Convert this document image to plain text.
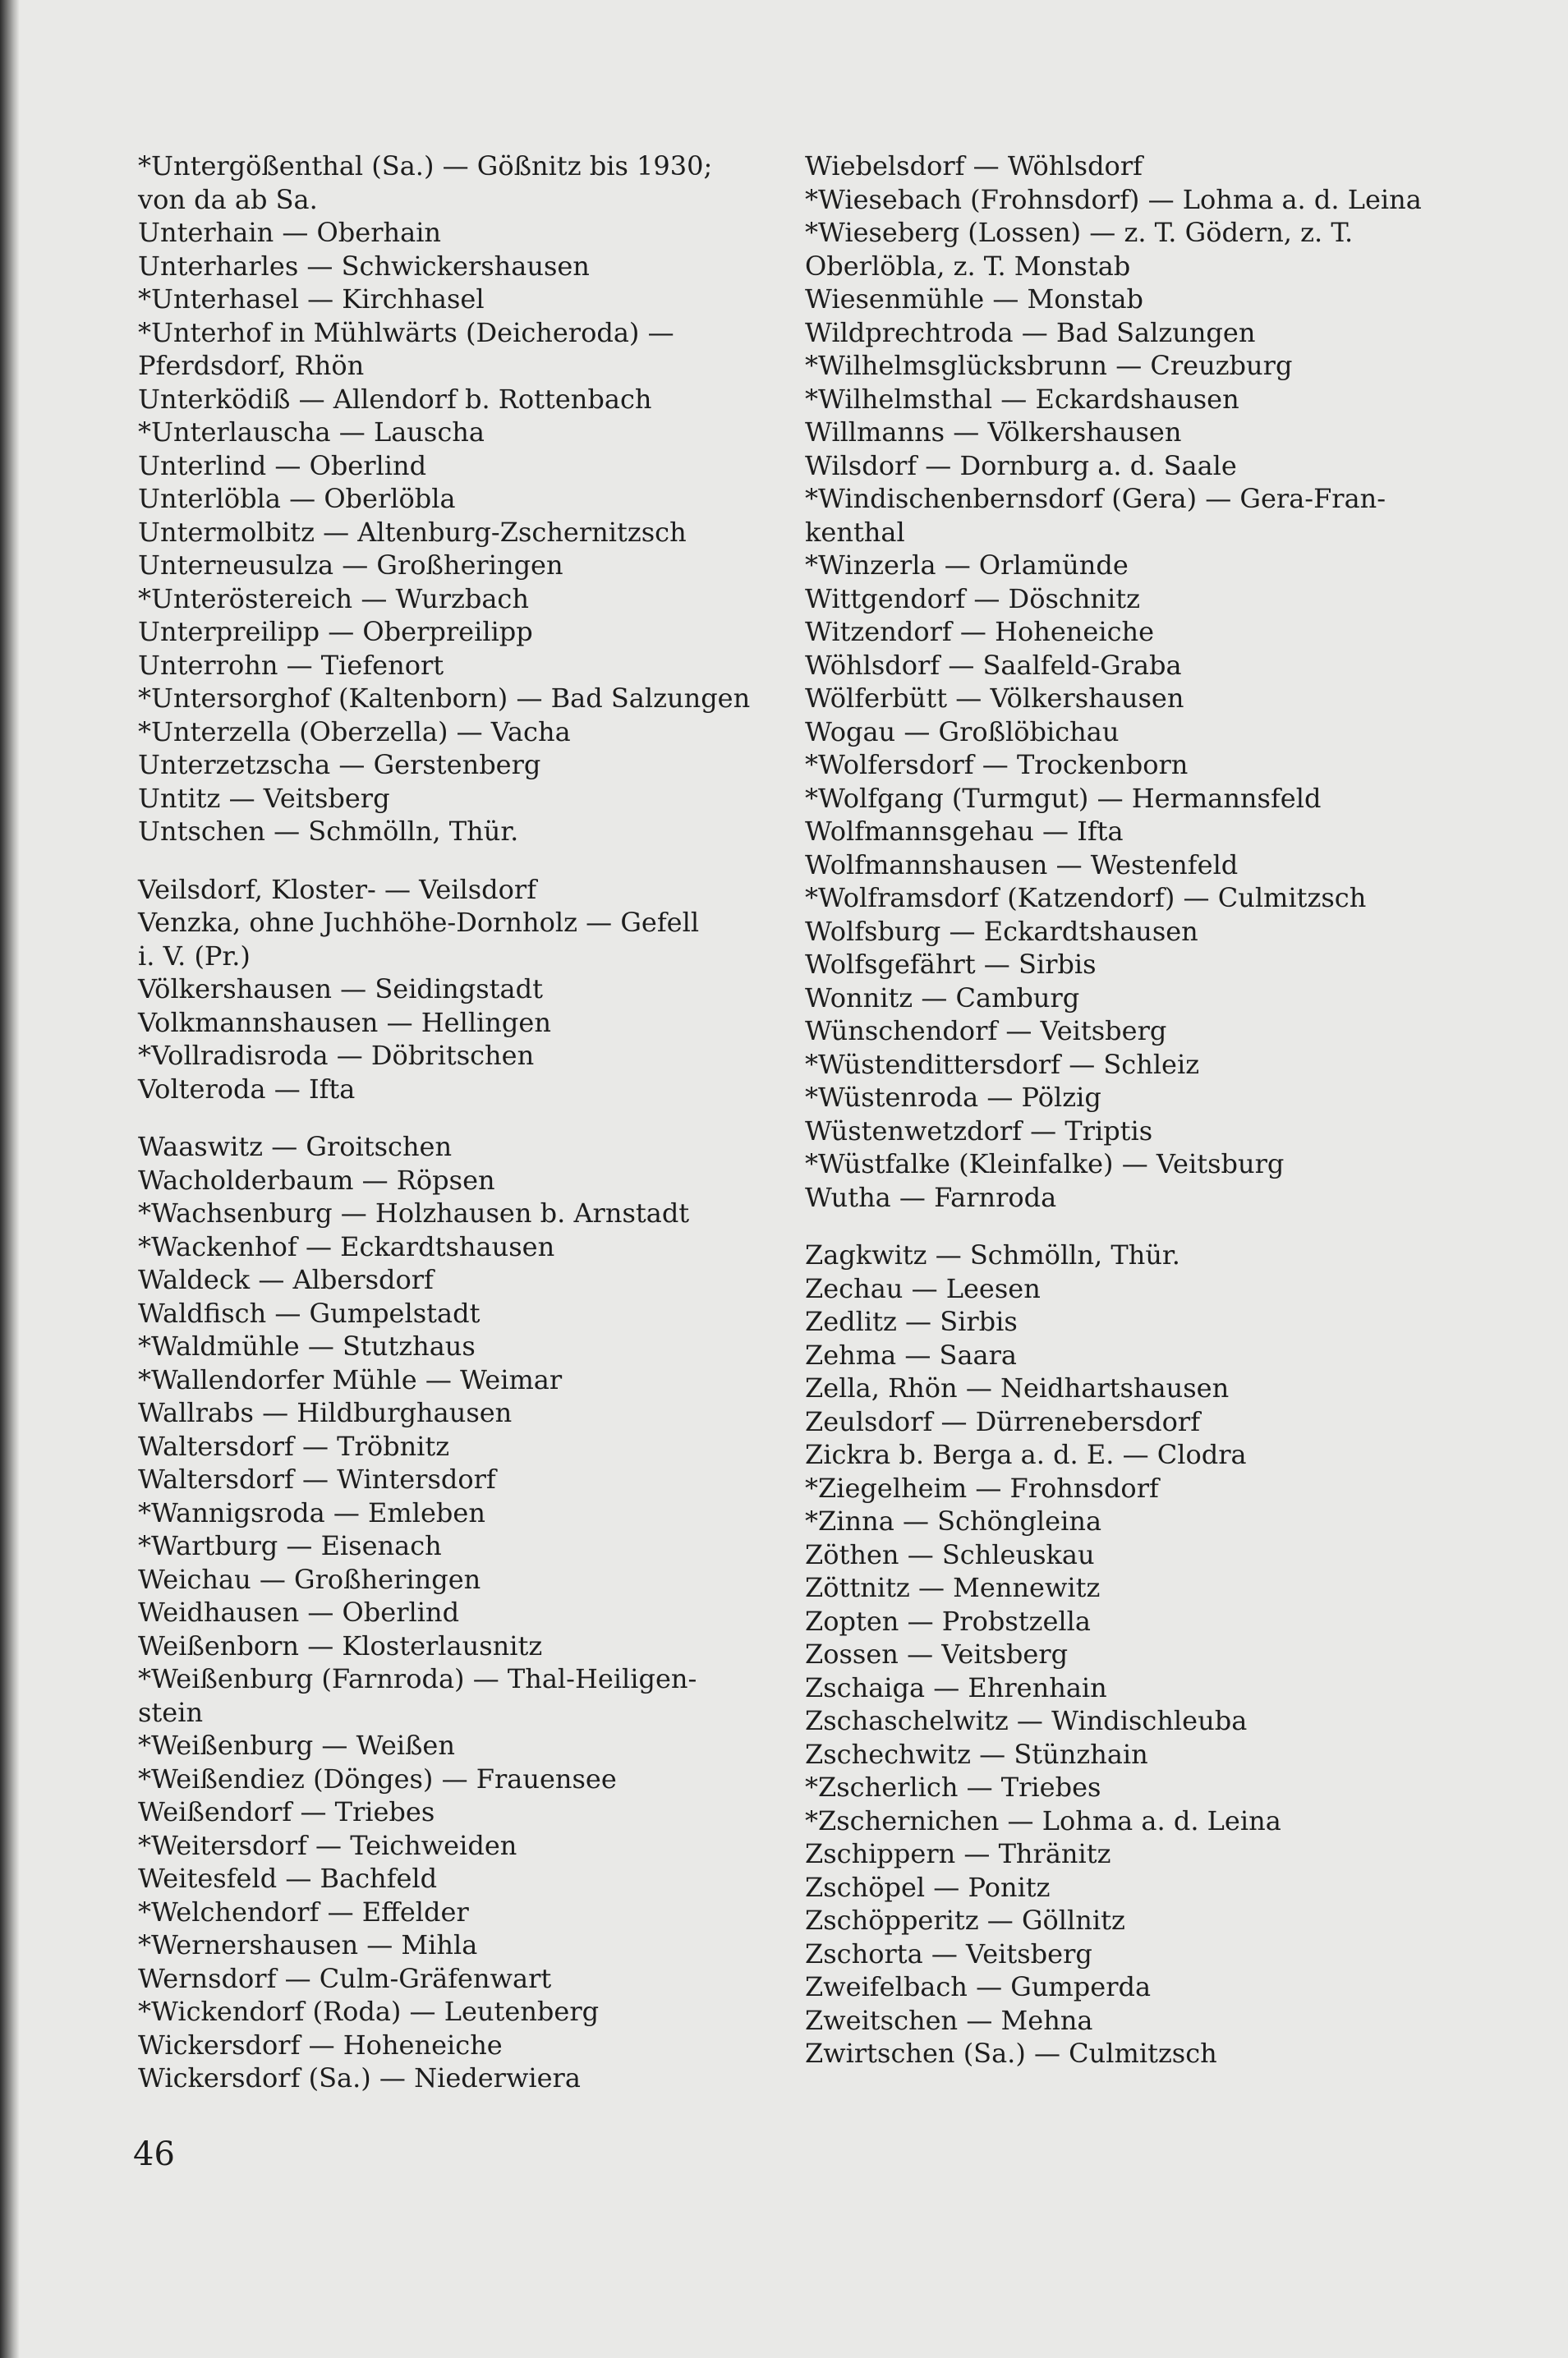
*Untergößenthal (Sa.) — Gößnitz bis 1930;
von da ab Sa.
Unterhain — Oberhain
Unterharles — Schwickershausen
*Unterhasel — Kirchhasel
*Unterhof in Mühlwärts (Deicheroda) —
Pferdsdorf, Rhön
Unterködiß — Allendorf b. Rottenbach
*Unterlauscha — Lauscha
Unterlind — Oberlind
Unterlöbla — Oberlöbla
Untermolbitz — Altenburg-Zschernitzsch
Unterneusulza — Großheringen
*Unteröstereich — Wurzbach
Unterpreilipp — Oberpreilipp
Unterrohn — Tiefenort
*Untersorghof (Kaltenborn) — Bad Salzungen
*Unterzella (Oberzella) — Vacha
Unterzetzscha — Gerstenberg
Untitz — Veitsberg
Untschen — Schmölln, Thür.
Veilsdorf, Kloster- — Veilsdorf
Venzka, ohne Juchhöhe-Dornholz — Gefell
i. V. (Pr.)
Völkershausen — Seidingstadt
Volkmannshausen — Hellingen
*Vollradisroda — Döbritschen
Volteroda — Ifta
Waaswitz — Groitschen
Wacholderbaum — Röpsen
*Wachsenburg — Holzhausen b. Arnstadt
*Wackenhof — Eckardtshausen
Waldeck — Albersdorf
Waldfisch — Gumpelstadt
*Waldmühle — Stutzhaus
*Wallendorfer Mühle — Weimar
Wallrabs — Hildburghausen
Waltersdorf — Tröbnitz
Waltersdorf — Wintersdorf
*Wannigsroda — Emleben
*Wartburg — Eisenach
Weichau — Großheringen
Weidhausen — Oberlind
Weißenborn — Klosterlausnitz
*Weißenburg (Farnroda) — Thal-Heiligen-
stein
*Weißenburg — Weißen
*Weißendiez (Dönges) — Frauensee
Weißendorf — Triebes
*Weitersdorf — Teichweiden
Weitesfeld — Bachfeld
*Welchendorf — Effelder
*Wernershausen — Mihla
Wernsdorf — Culm-Gräfenwart
*Wickendorf (Roda) — Leutenberg
Wickersdorf — Hoheneiche
Wickersdorf (Sa.) — Niederwiera
Wiebelsdorf — Wöhlsdorf
*Wiesebach (Frohnsdorf) — Lohma a. d. Leina
*Wieseberg (Lossen) — z. T. Gödern, z. T.
Oberlöbla, z. T. Monstab
Wiesenmühle — Monstab
Wildprechtroda — Bad Salzungen
*Wilhelmsglücksbrunn — Creuzburg
*Wilhelmsthal — Eckardshausen
Willmanns — Völkershausen
Wilsdorf — Dornburg a. d. Saale
*Windischenbernsdorf (Gera) — Gera-Fran-
kenthal
*Winzerla — Orlamünde
Wittgendorf — Döschnitz
Witzendorf — Hoheneiche
Wöhlsdorf — Saalfeld-Graba
Wölferbütt — Völkershausen
Wogau — Großlöbichau
*Wolfersdorf — Trockenborn
*Wolfgang (Turmgut) — Hermannsfeld
Wolfmannsgehau — Ifta
Wolfmannshausen — Westenfeld
*Wolframsdorf (Katzendorf) — Culmitzsch
Wolfsburg — Eckardtshausen
Wolfsgefährt — Sirbis
Wonnitz — Camburg
Wünschendorf — Veitsberg
*Wüstendittersdorf — Schleiz
*Wüstenroda — Pölzig
Wüstenwetzdorf — Triptis
*Wüstfalke (Kleinfalke) — Veitsburg
Wutha — Farnroda
Zagkwitz — Schmölln, Thür.
Zechau — Leesen
Zedlitz — Sirbis
Zehma — Saara
Zella, Rhön — Neidhartshausen
Zeulsdorf — Dürrenebersdorf
Zickra b. Berga a. d. E. — Clodra
*Ziegelheim — Frohnsdorf
*Zinna — Schöngleina
Zöthen — Schleuskau
Zöttnitz — Mennewitz
Zopten — Probstzella
Zossen — Veitsberg
Zschaiga — Ehrenhain
Zschaschelwitz — Windischleuba
Zschechwitz — Stünzhain
*Zscherlich — Triebes
*Zschernichen — Lohma a. d. Leina
Zschippern — Thränitz
Zschöpel — Ponitz
Zschöpperitz — Göllnitz
Zschorta — Veitsberg
Zweifelbach — Gumperda
Zweitschen — Mehna
Zwirtschen (Sa.) — Culmitzsch
46
